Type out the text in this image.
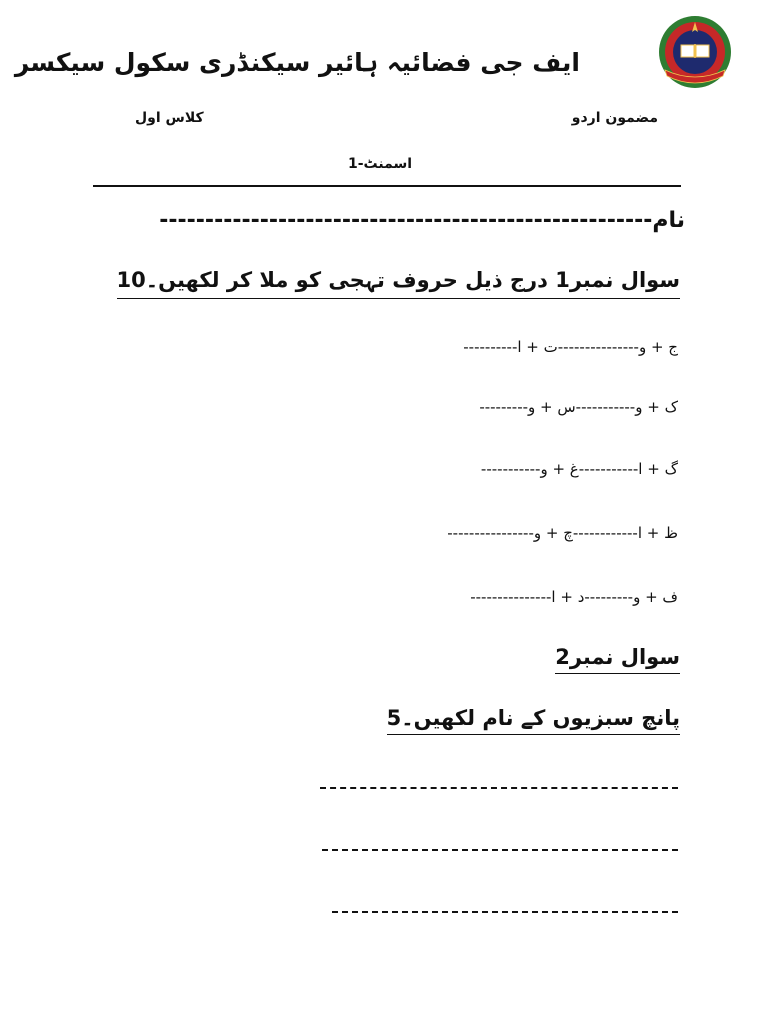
ایف جی فضائیہ ہائیر سیکنڈری سکول سیکسر
مضمون اردو
کلاس اول
اسمنٹ-1
نام------------------------------------------------------
سوال نمبر1 درج ذیل حروف تہجی کو ملا کر لکھیں۔10
ج + و---------------ت + ا----------
ک + و-----------س + و---------
گ + ا-----------غ + و-----------
ظ + ا------------چ + و----------------
ف + و---------د + ا---------------
سوال نمبر2
پانچ سبزیوں کے نام لکھیں۔5
